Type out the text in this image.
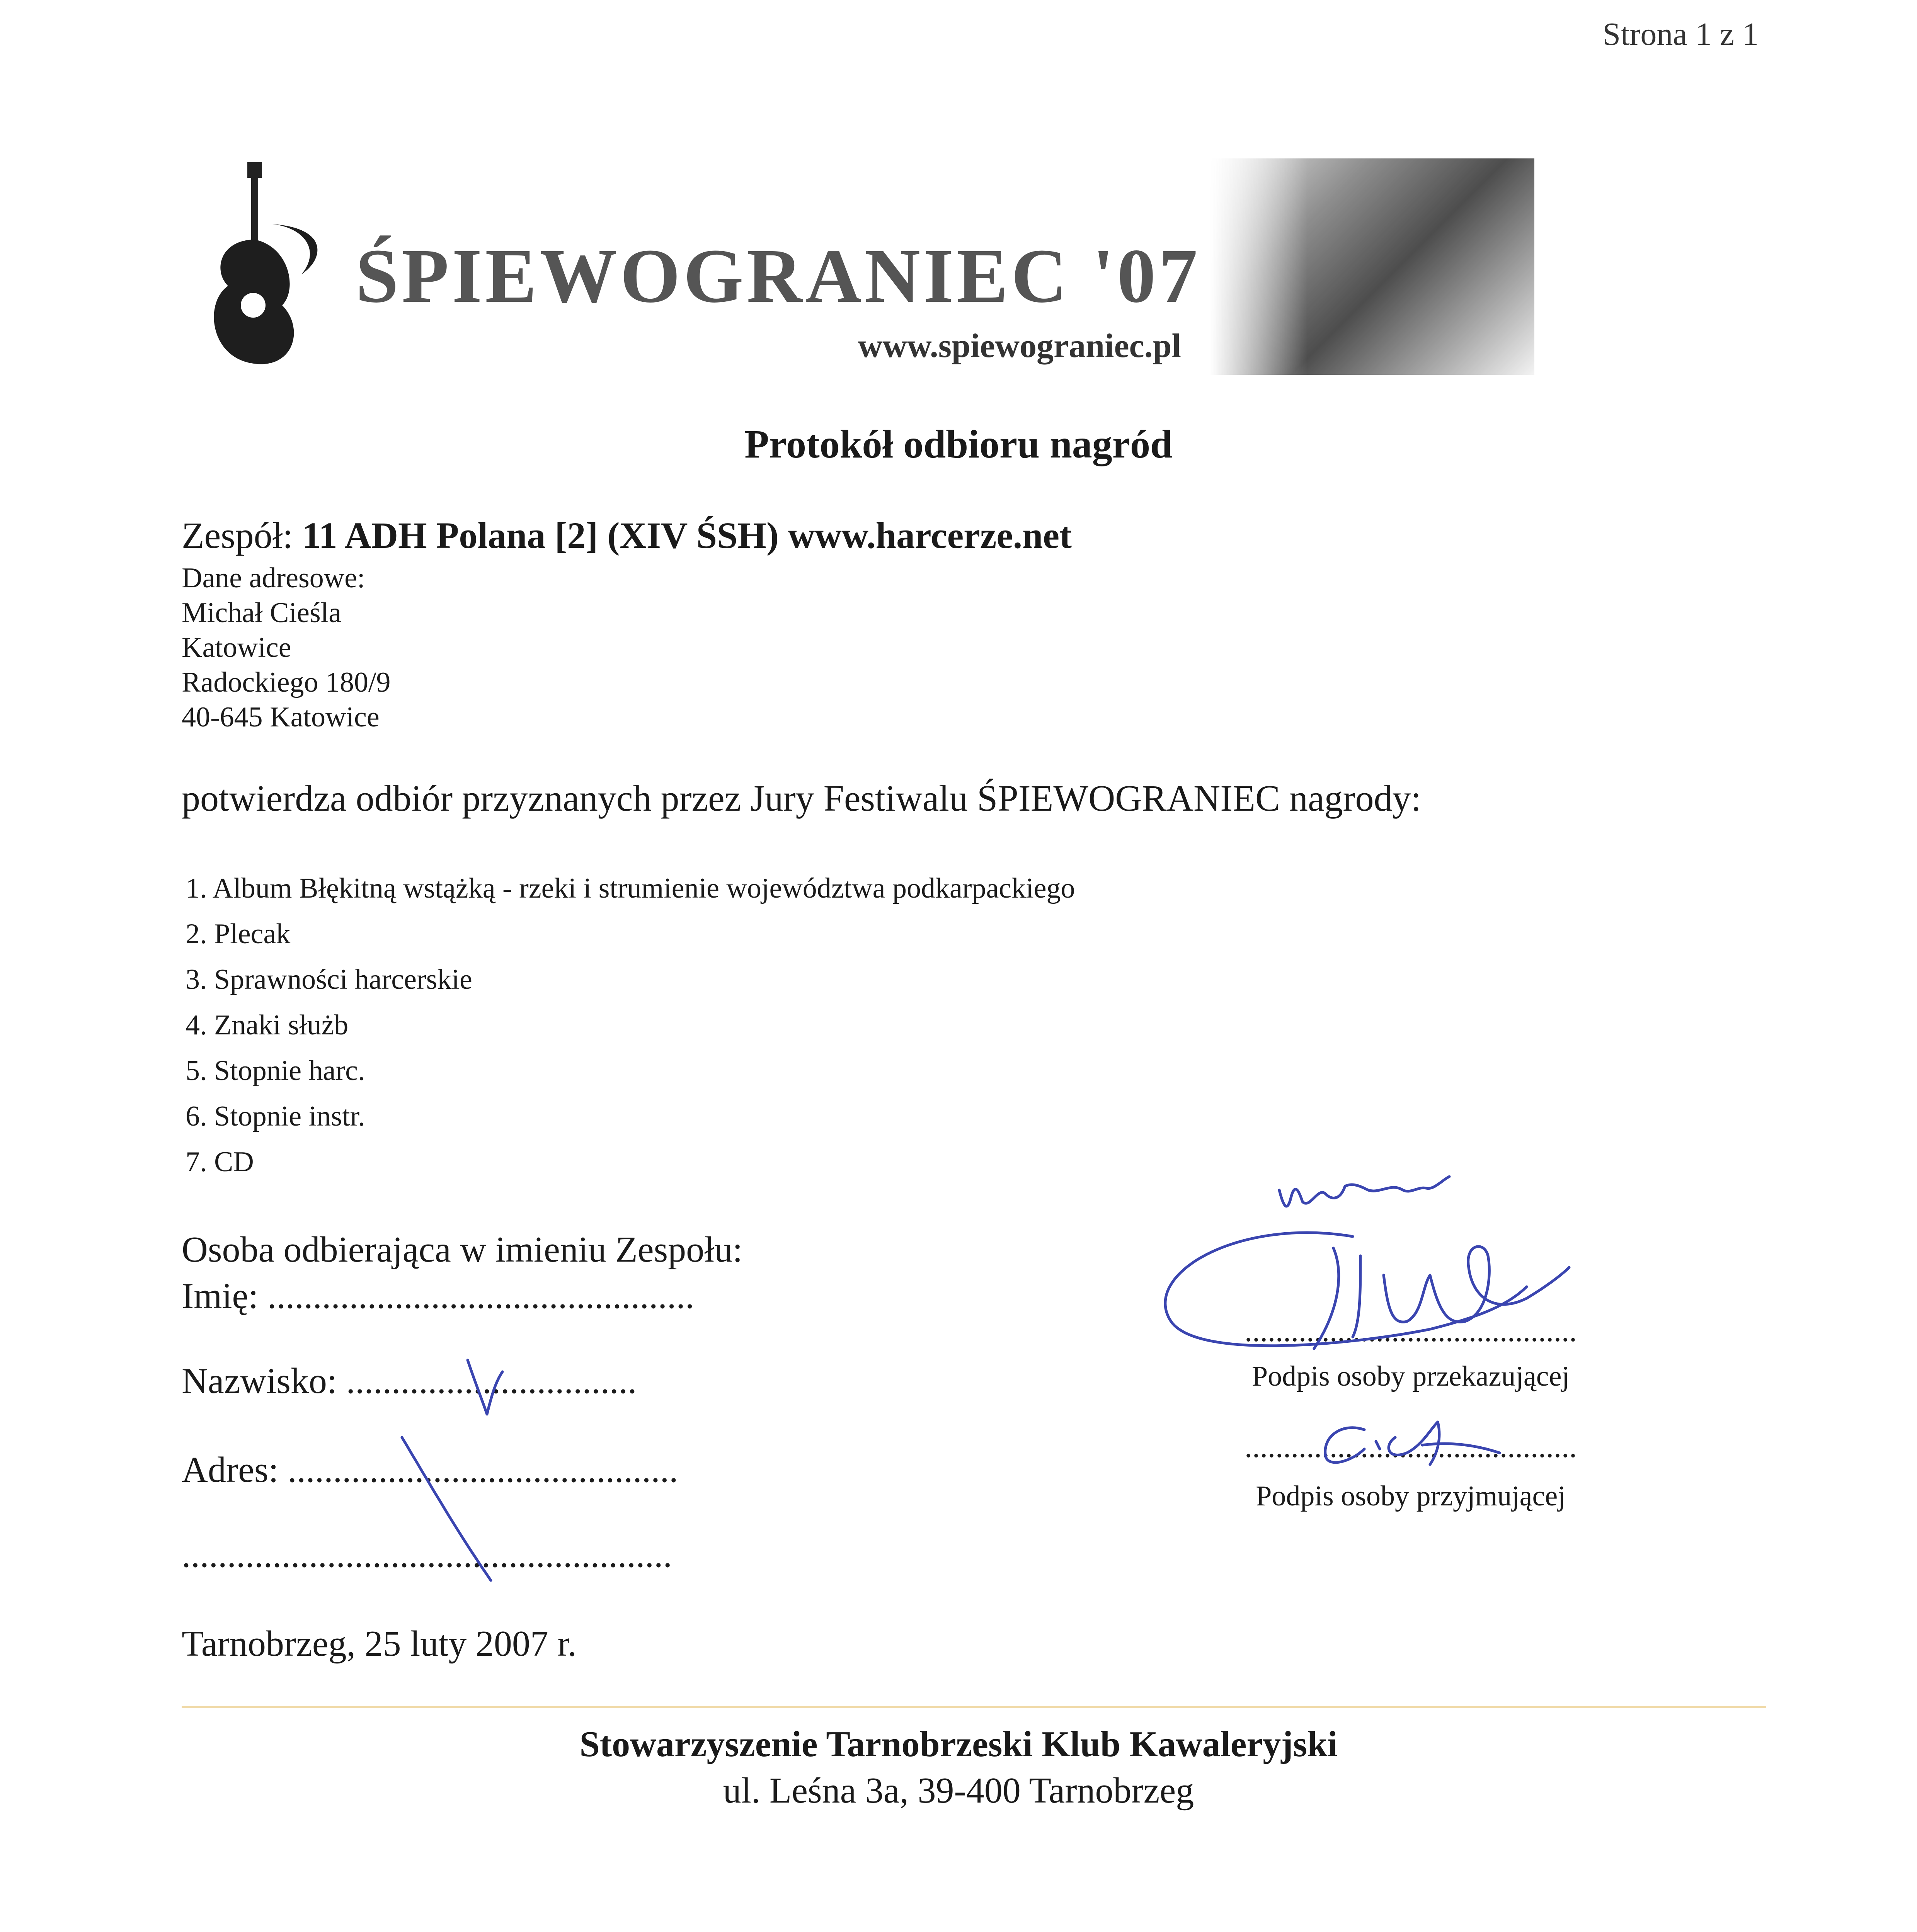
Strona 1 z 1
ŚPIEWOGRANIEC '07
www.spiewograniec.pl
Protokół odbioru nagród
Zespół: 11 ADH Polana [2] (XIV ŚSH) www.harcerze.net
Dane adresowe:
Michał Cieśla
Katowice
Radockiego 180/9
40-645 Katowice
potwierdza odbiór przyznanych przez Jury Festiwalu ŚPIEWOGRANIEC nagrody:
1. Album Błękitną wstążką - rzeki i strumienie województwa podkarpackiego
2. Plecak
3. Sprawności harcerskie
4. Znaki służb
5. Stopnie harc.
6. Stopnie instr.
7. CD
Osoba odbierająca w imieniu Zespołu:
Imię: ...............................................
Nazwisko: ................................
Adres: ...........................................
......................................................
...........................................
Podpis osoby przekazującej
...........................................
Podpis osoby przyjmującej
Tarnobrzeg, 25 luty 2007 r.
Stowarzyszenie Tarnobrzeski Klub Kawaleryjski
ul. Leśna 3a, 39-400 Tarnobrzeg
